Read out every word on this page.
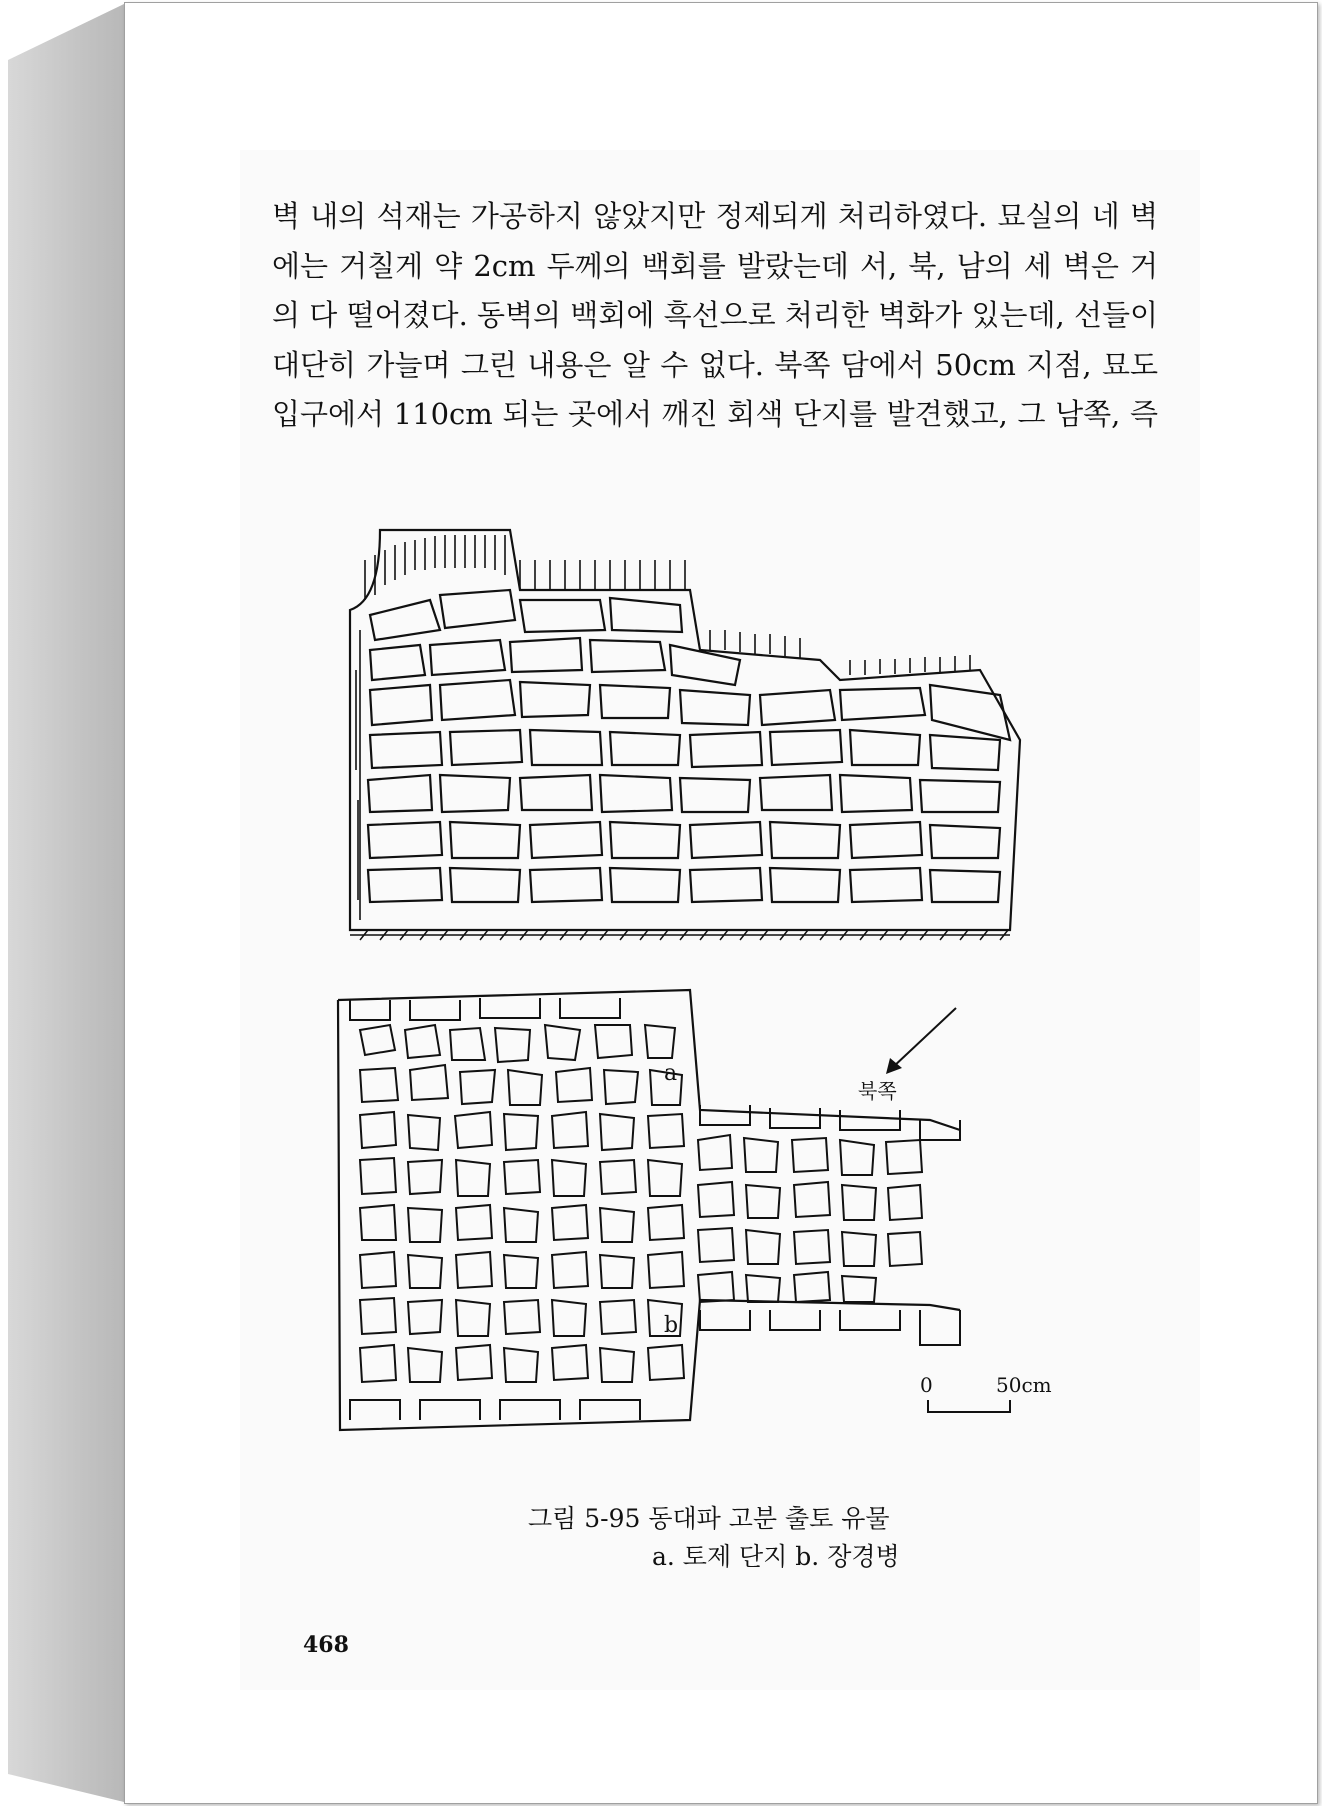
벽 내의 석재는 가공하지 않았지만 정제되게 처리하였다. 묘실의 네 벽
에는 거칠게 약 2cm 두께의 백회를 발랐는데 서, 북, 남의 세 벽은 거
의 다 떨어졌다. 동벽의 백회에 흑선으로 처리한 벽화가 있는데, 선들이
대단히 가늘며 그린 내용은 알 수 없다. 북쪽 담에서 50cm 지점, 묘도
입구에서 110cm 되는 곳에서 깨진 회색 단지를 발견했고, 그 남쪽, 즉
a
b
북쪽
0	50cm
그림 5-95 동대파 고분 출토 유물
a. 토제 단지 b. 장경병
468
